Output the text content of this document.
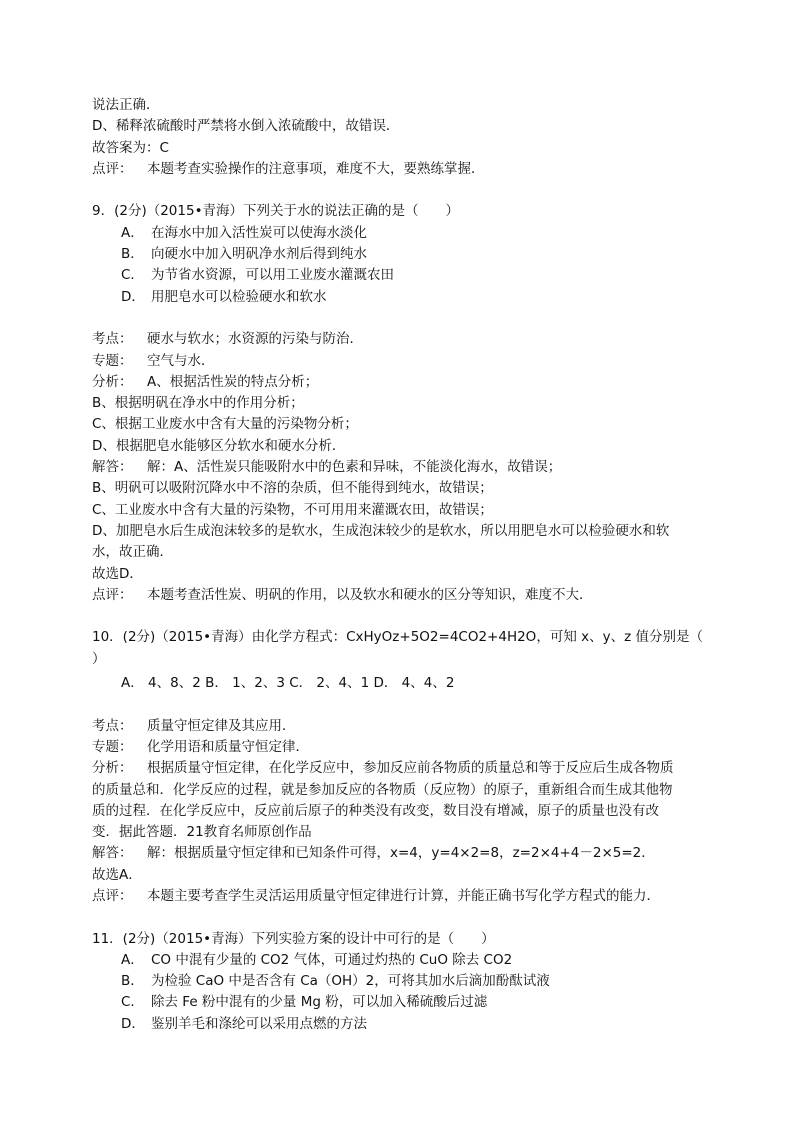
说法正确．
D、稀释浓硫酸时严禁将水倒入浓硫酸中，故错误．
故答案为：C
点评： 本题考查实验操作的注意事项，难度不大，要熟练掌握．
9．(2分)（2015•青海）下列关于水的说法正确的是（　　）
A． 在海水中加入活性炭可以使海水淡化
B． 向硬水中加入明矾净水剂后得到纯水
C． 为节省水资源，可以用工业废水灌溉农田
D． 用肥皂水可以检验硬水和软水
考点： 硬水与软水；水资源的污染与防治．
专题： 空气与水．
分析： A、根据活性炭的特点分析；
B、根据明矾在净水中的作用分析；
C、根据工业废水中含有大量的污染物分析；
D、根据肥皂水能够区分软水和硬水分析．
解答： 解：A、活性炭只能吸附水中的色素和异味，不能淡化海水，故错误；
B、明矾可以吸附沉降水中不溶的杂质，但不能得到纯水，故错误；
C、工业废水中含有大量的污染物，不可用用来灌溉农田，故错误；
D、加肥皂水后生成泡沫较多的是软水，生成泡沫较少的是软水，所以用肥皂水可以检验硬水和软
水，故正确．
故选D．
点评： 本题考查活性炭、明矾的作用，以及软水和硬水的区分等知识，难度不大．
10．(2分)（2015•青海）由化学方程式：CxHyOz+5O2=4CO2+4H2O，可知 x、y、z 值分别是（
）
A． 4、8、2 B． 1、2、3 C． 2、4、1 D． 4、4、2
考点： 质量守恒定律及其应用．
专题： 化学用语和质量守恒定律．
分析： 根据质量守恒定律，在化学反应中，参加反应前各物质的质量总和等于反应后生成各物质
的质量总和．化学反应的过程，就是参加反应的各物质（反应物）的原子，重新组合而生成其他物
质的过程．在化学反应中，反应前后原子的种类没有改变，数目没有增减，原子的质量也没有改
变．据此答题．21教育名师原创作品
解答： 解：根据质量守恒定律和已知条件可得，x=4，y=4×2=8，z=2×4+4－2×5=2．
故选A．
点评： 本题主要考查学生灵活运用质量守恒定律进行计算，并能正确书写化学方程式的能力．
11．(2分)（2015•青海）下列实验方案的设计中可行的是（　　）
A． CO 中混有少量的 CO2 气体，可通过灼热的 CuO 除去 CO2
B． 为检验 CaO 中是否含有 Ca（OH）2，可将其加水后滴加酚酞试液
C． 除去 Fe 粉中混有的少量 Mg 粉，可以加入稀硫酸后过滤
D． 鉴别羊毛和涤纶可以采用点燃的方法
